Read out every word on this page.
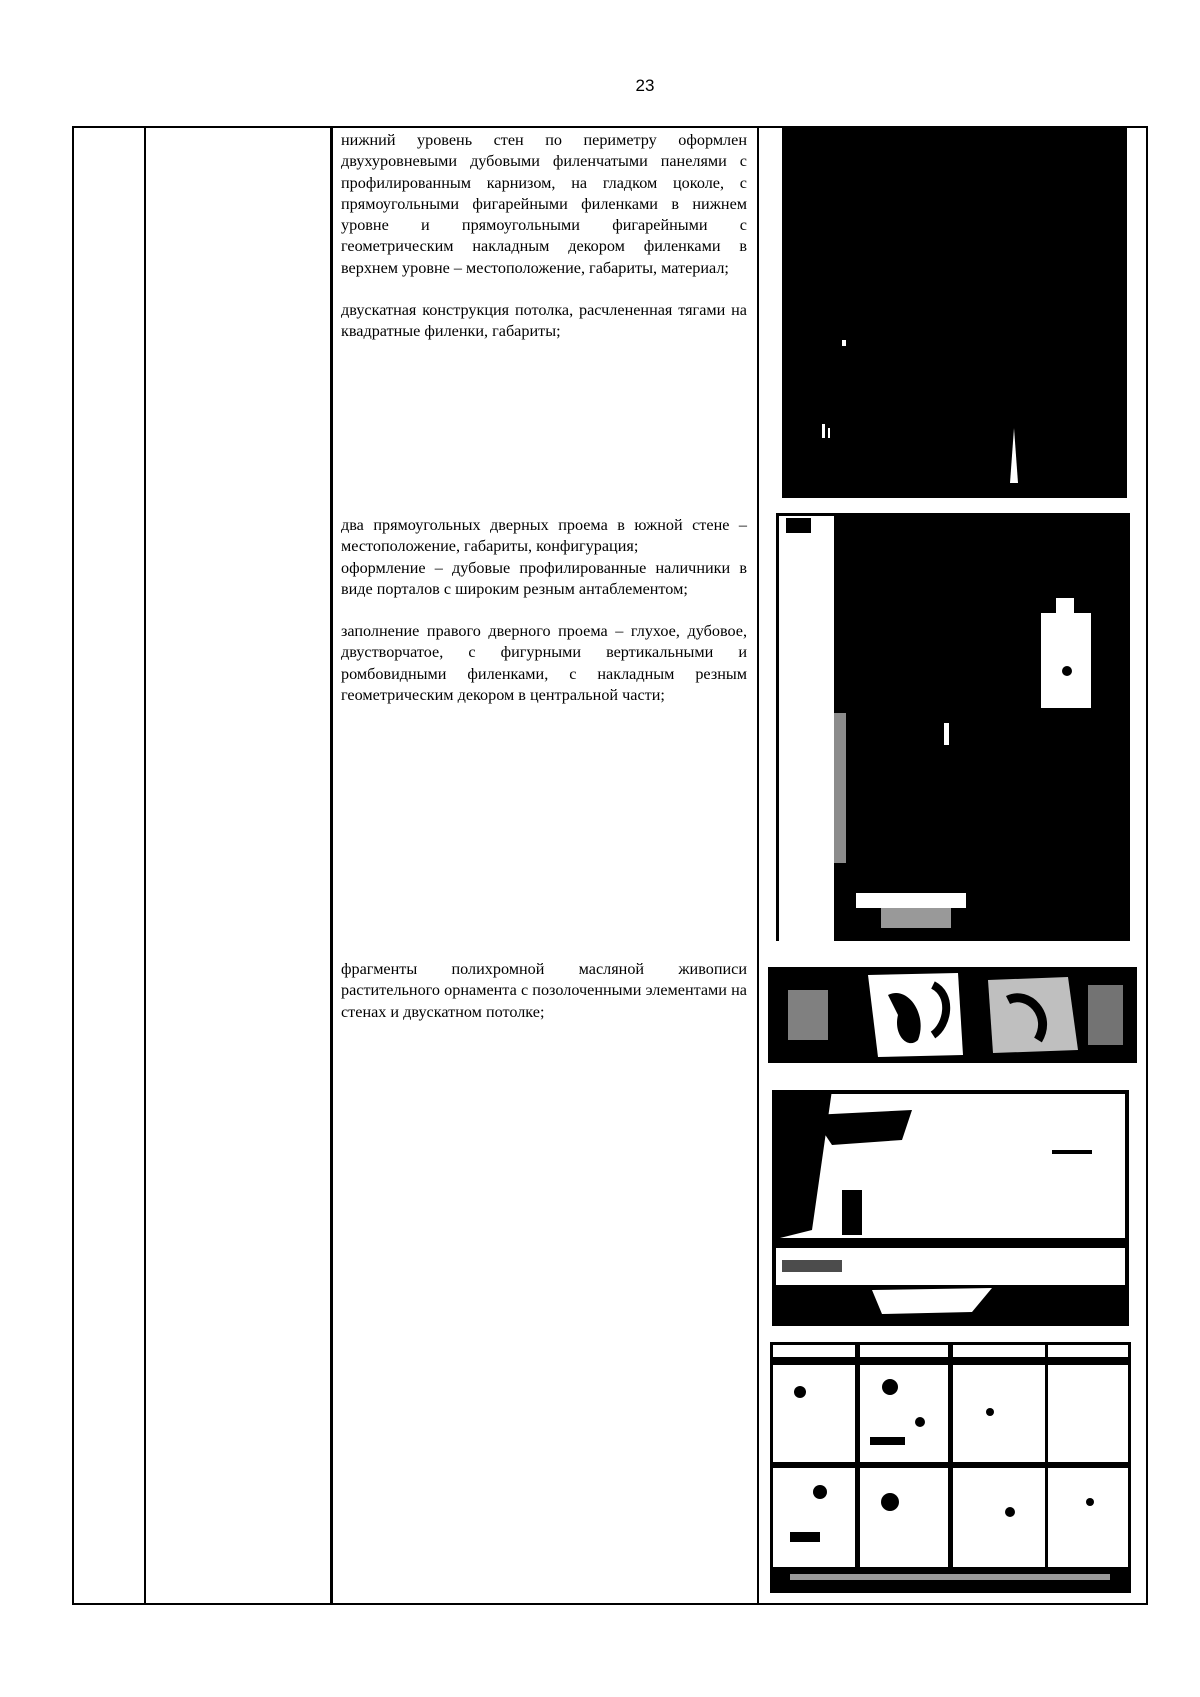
23

нижний уровень стен по периметру оформлен двухуровневыми дубовыми филенчатыми панелями с профилированным карнизом, на гладком цоколе, с прямоугольными фигарейными филенками в нижнем уровне и прямоугольными фигарейными с геометрическим накладным декором филенками в верхнем уровне – местоположение, габариты, материал;

двускатная конструкция потолка, расчлененная тягами на квадратные филенки, габариты;

два прямоугольных дверных проема в южной стене – местоположение, габариты, конфигурация;

оформление – дубовые профилированные наличники в виде порталов с широким резным антаблементом;

заполнение правого дверного проема – глухое, дубовое, двустворчатое, с фигурными вертикальными и ромбовидными филенками, с накладным резным геометрическим декором в центральной части;

фрагменты полихромной масляной живописи растительного орнамента с позолоченными элементами на стенах и двускатном потолке;
